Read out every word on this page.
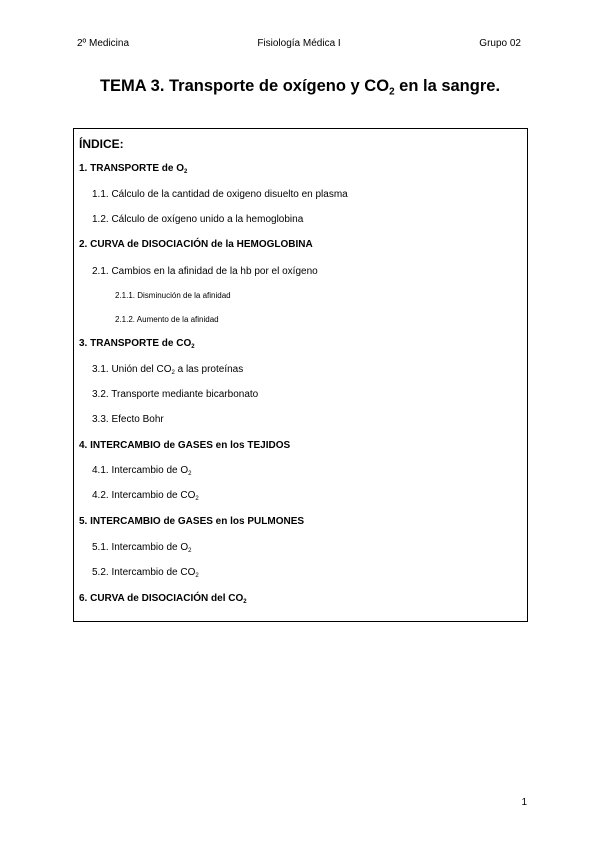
2º Medicina	Fisiología Médica I	Grupo 02
TEMA 3. Transporte de oxígeno y $CO_2$ en la sangre.
ÍNDICE:
1. TRANSPORTE de $O_2$
1.1. Cálculo de la cantidad de oxigeno disuelto en plasma
1.2. Cálculo de oxígeno unido a la hemoglobina
2. CURVA de DISOCIACIÓN de la HEMOGLOBINA
2.1. Cambios en la afinidad de la hb por el oxígeno
2.1.1. Disminución de la afinidad
2.1.2. Aumento de la afinidad
3. TRANSPORTE de $CO_2$
3.1. Unión del $CO_2$ a las proteínas
3.2. Transporte mediante bicarbonato
3.3. Efecto Bohr
4. INTERCAMBIO de GASES en los TEJIDOS
4.1. Intercambio de $O_2$
4.2. Intercambio de $CO_2$
5. INTERCAMBIO de GASES en los PULMONES
5.1. Intercambio de $O_2$
5.2. Intercambio de $CO_2$
6. CURVA de DISOCIACIÓN del $CO_2$
1
